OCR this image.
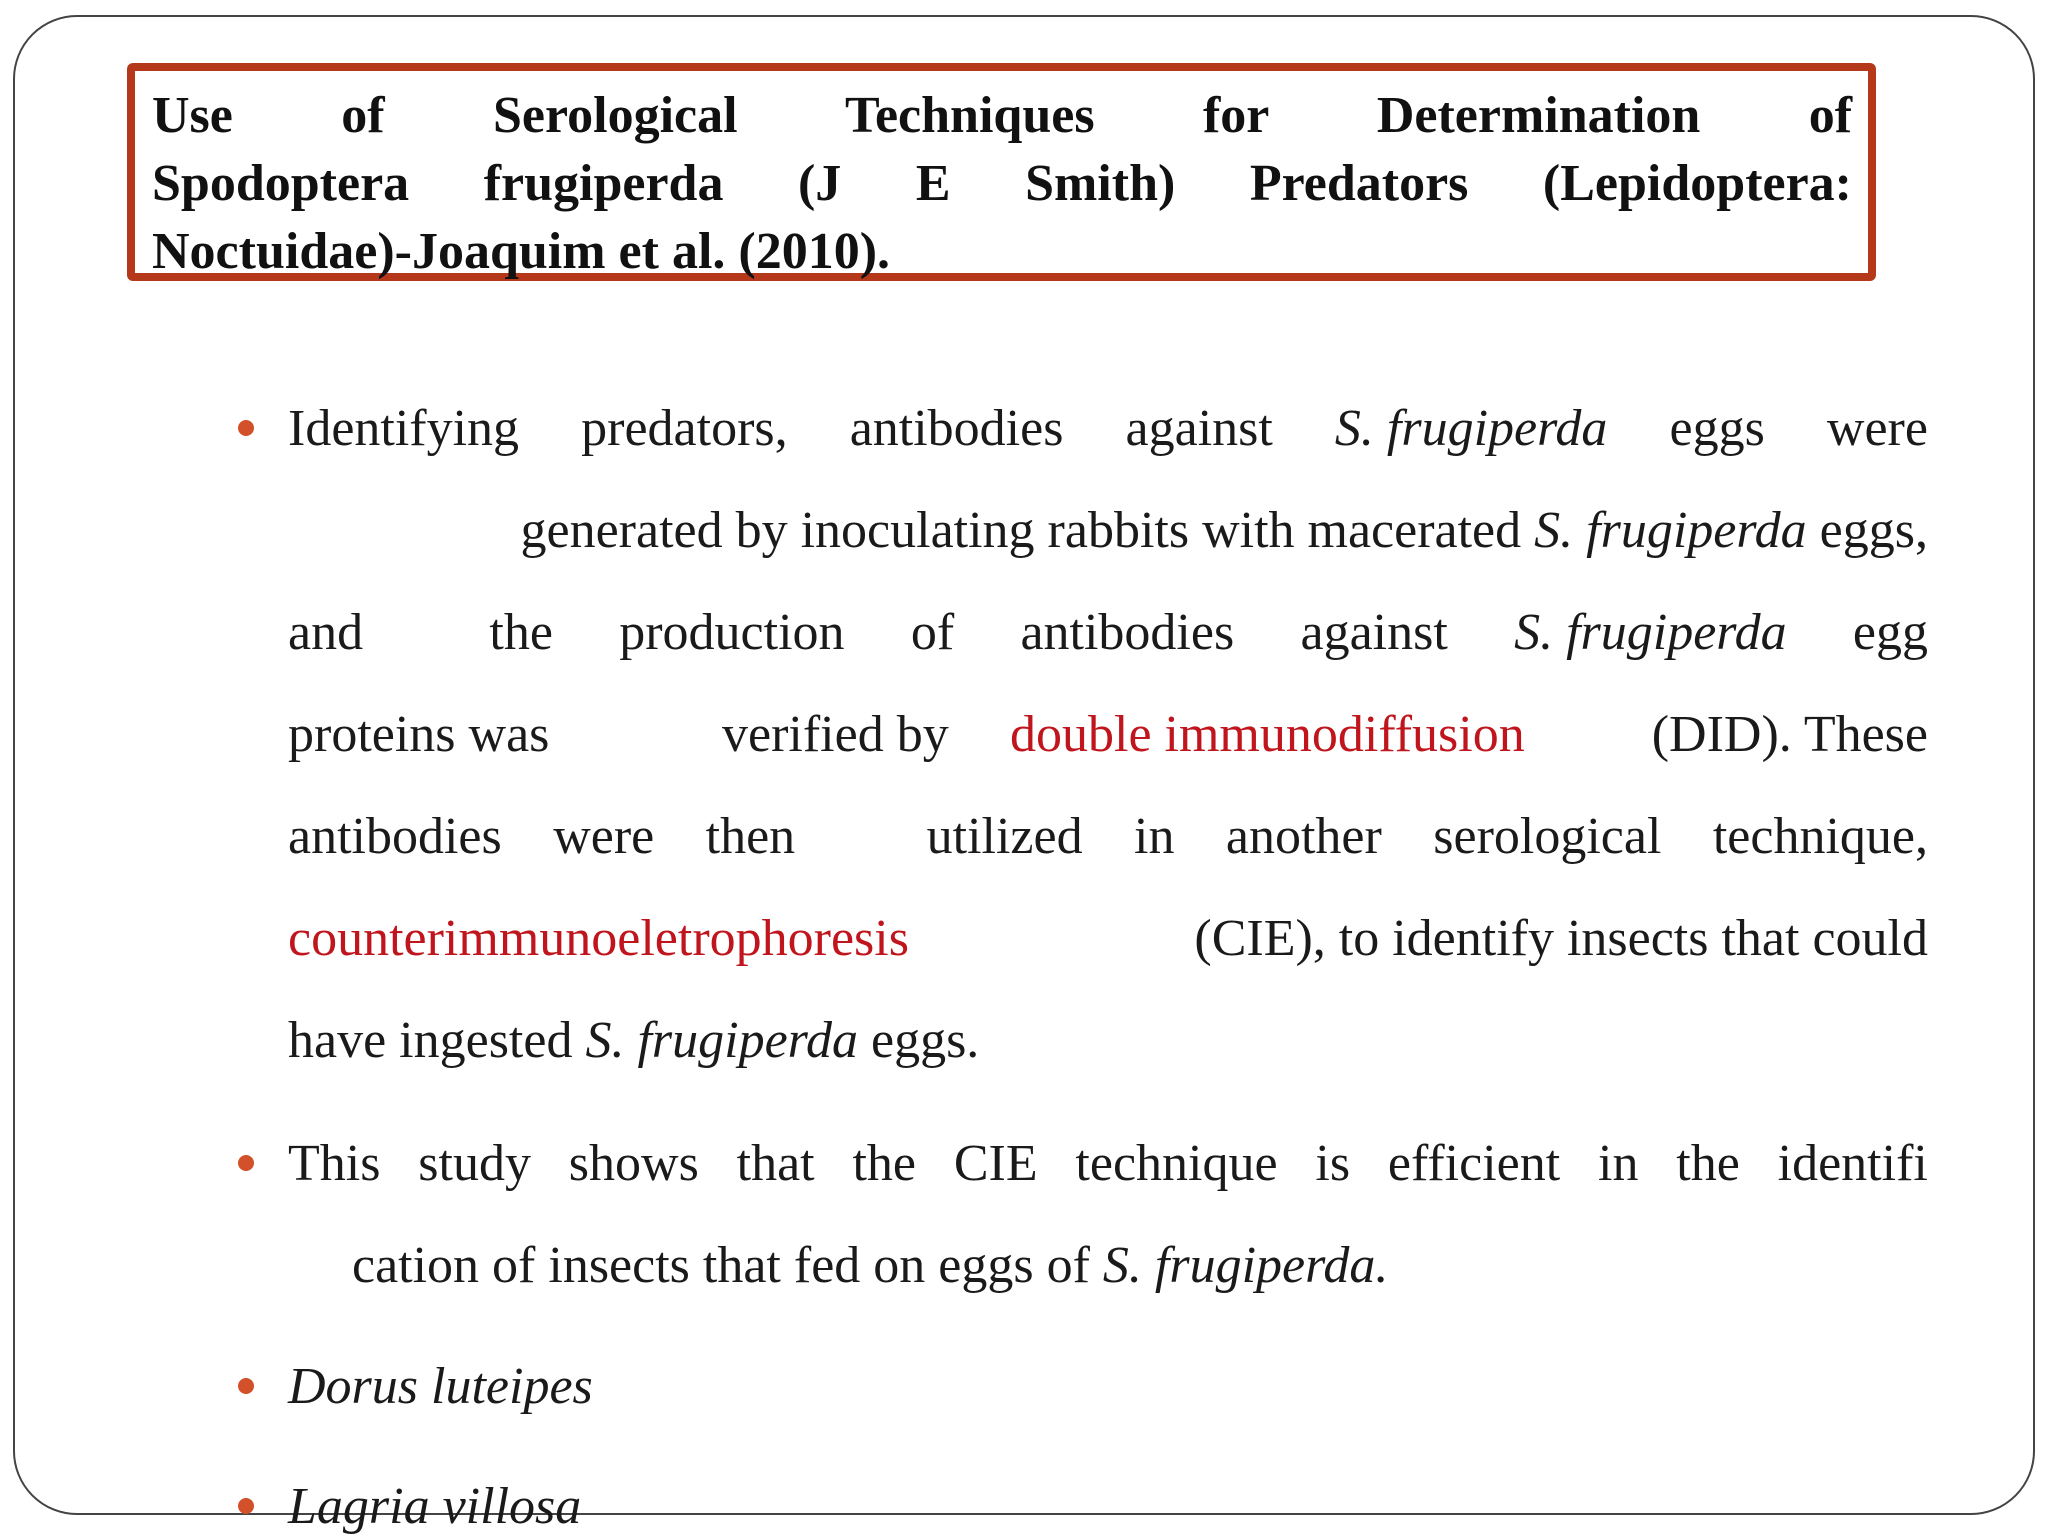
Use of Serological Techniques for Determination of
Spodoptera frugiperda (J E Smith) Predators (Lepidoptera:
Noctuidae)-Joaquim et al. (2010).
Identifying predators, antibodies against S. frugiperda eggs were
generated by inoculating rabbits with macerated S. frugiperda eggs,
and the production of antibodies against S. frugiperda egg
proteins was	verified by double immunodiffusion	(DID). These
antibodies were then	utilized in another serological technique,
counterimmunoeletrophoresis	(CIE), to identify insects that could
have ingested S. frugiperda eggs.
This study shows that the CIE technique is efficient in the identifi
cation of insects that fed on eggs of S. frugiperda.
Dorus luteipes
Lagria villosa
